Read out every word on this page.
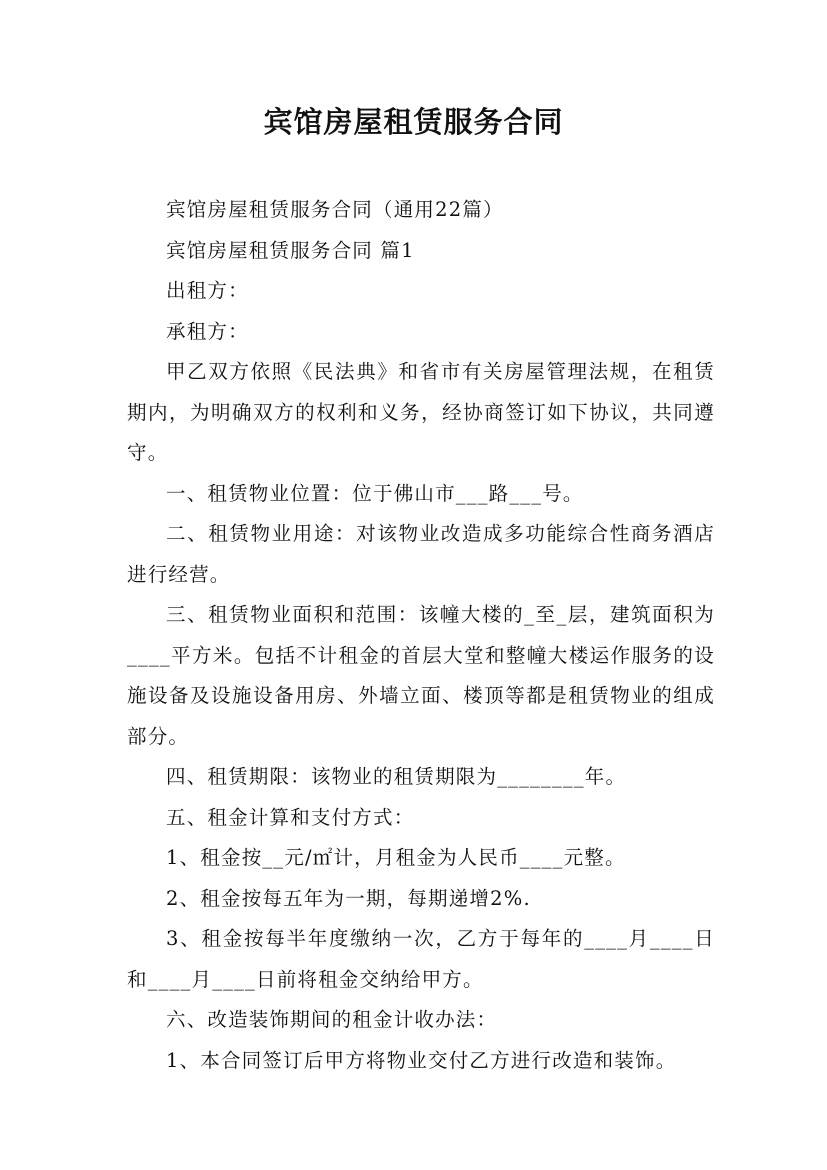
宾馆房屋租赁服务合同

宾馆房屋租赁服务合同（通用22篇）

宾馆房屋租赁服务合同 篇1

出租方：

承租方：

甲乙双方依照《民法典》和省市有关房屋管理法规，在租赁期内，为明确双方的权利和义务，经协商签订如下协议，共同遵守。

一、租赁物业位置：位于佛山市___路___号。

二、租赁物业用途：对该物业改造成多功能综合性商务酒店进行经营。

三、租赁物业面积和范围：该幢大楼的_至_层，建筑面积为____平方米。包括不计租金的首层大堂和整幢大楼运作服务的设施设备及设施设备用房、外墙立面、楼顶等都是租赁物业的组成部分。

四、租赁期限：该物业的租赁期限为________年。

五、租金计算和支付方式：

1、租金按__元/㎡计，月租金为人民币____元整。

2、租金按每五年为一期，每期递增2%.

3、租金按每半年度缴纳一次，乙方于每年的____月____日和____月____日前将租金交纳给甲方。

六、改造装饰期间的租金计收办法：

1、本合同签订后甲方将物业交付乙方进行改造和装饰。
